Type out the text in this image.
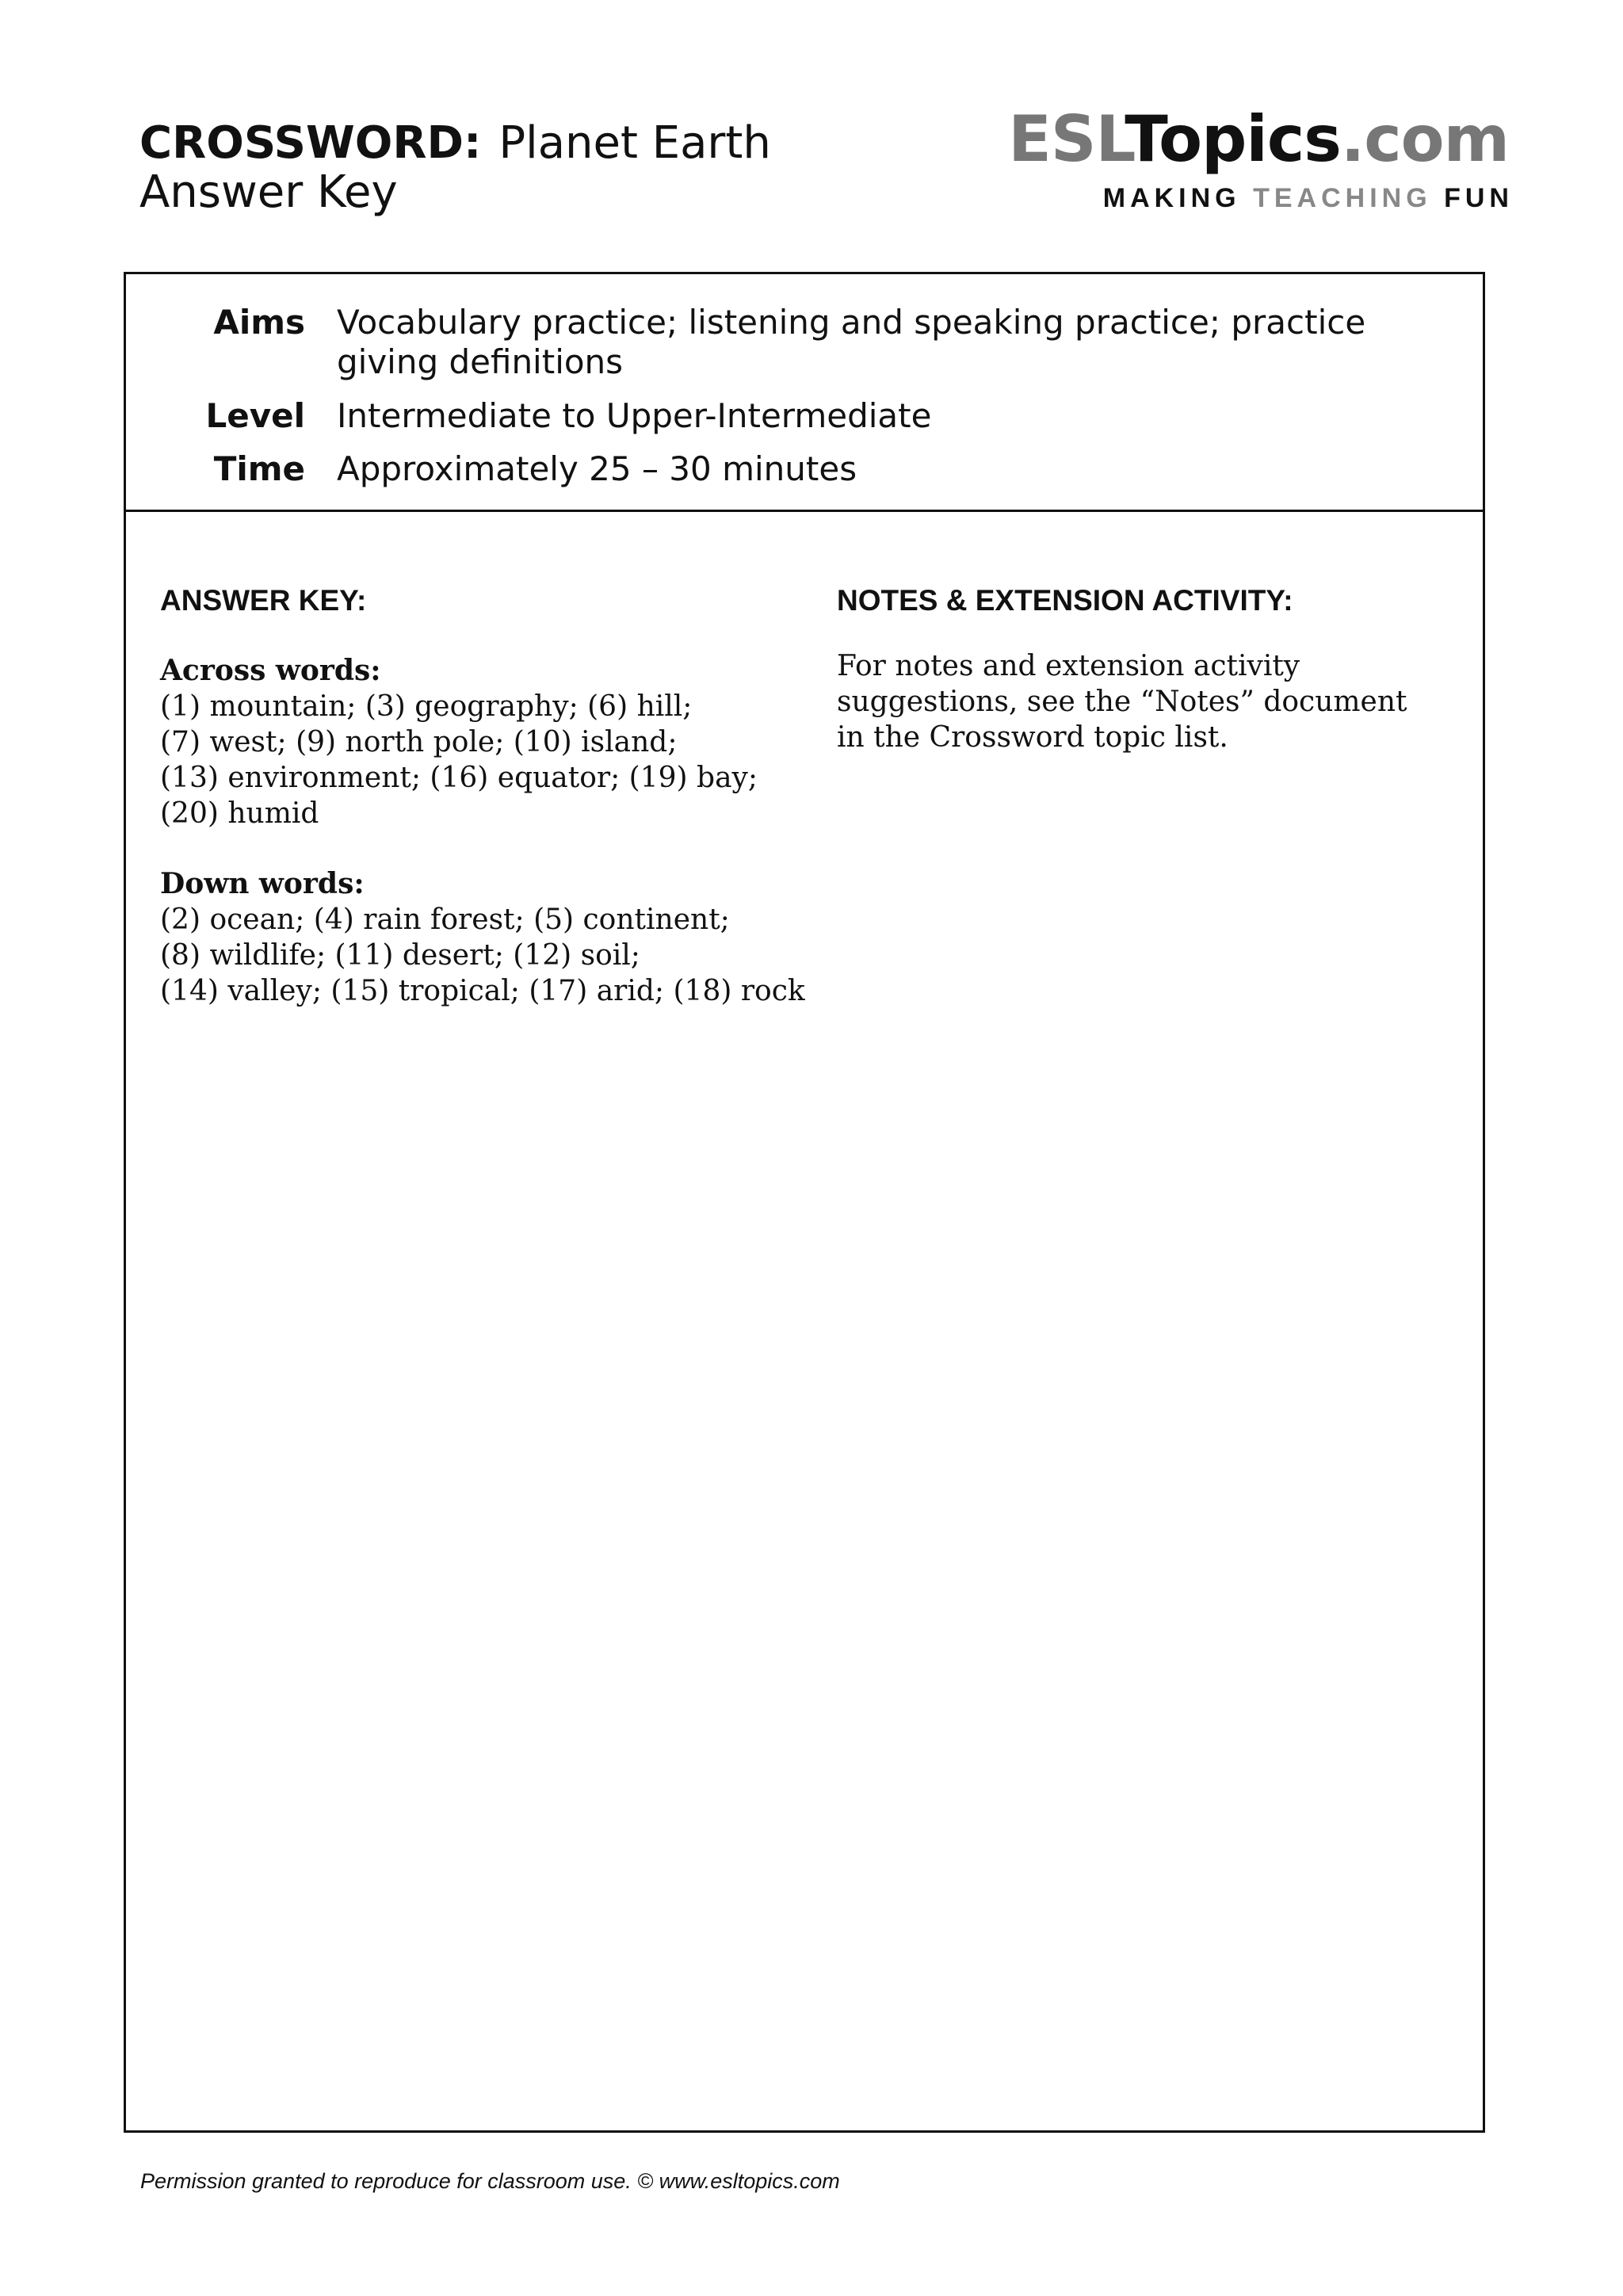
CROSSWORD: Planet Earth
Answer Key
ESLTopics.com
MAKING TEACHING FUN
Aims Vocabulary practice; listening and speaking practice; practice
giving definitions
Level Intermediate to Upper-Intermediate
Time Approximately 25 – 30 minutes
ANSWER KEY:
Across words:
(1) mountain; (3) geography; (6) hill;
(7) west; (9) north pole; (10) island;
(13) environment; (16) equator; (19) bay;
(20) humid
Down words:
(2) ocean; (4) rain forest; (5) continent;
(8) wildlife; (11) desert; (12) soil;
(14) valley; (15) tropical; (17) arid; (18) rock
NOTES & EXTENSION ACTIVITY:
For notes and extension activity
suggestions, see the “Notes” document
in the Crossword topic list.
Permission granted to reproduce for classroom use. © www.esltopics.com
